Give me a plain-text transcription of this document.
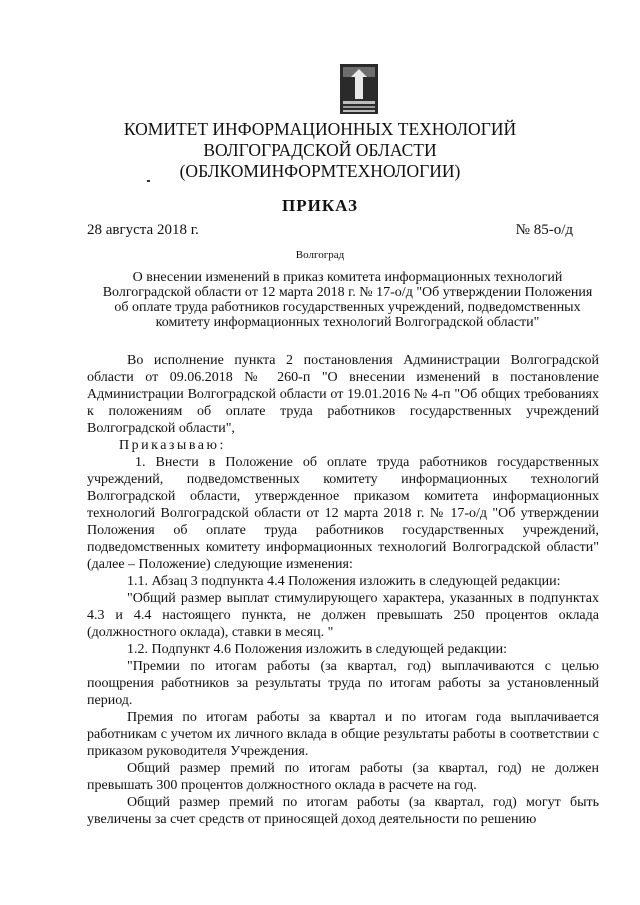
КОМИТЕТ ИНФОРМАЦИОННЫХ ТЕХНОЛОГИЙ
ВОЛГОГРАДСКОЙ ОБЛАСТИ
(ОБЛКОМИНФОРМТЕХНОЛОГИИ)
ПРИКАЗ
28 августа 2018 г.	№ 85-о/д
Волгоград
О внесении изменений в приказ комитета информационных технологий Волгоградской области от 12 марта 2018 г. № 17-о/д "Об утверждении Положения об оплате труда работников государственных учреждений, подведомственных комитету информационных технологий Волгоградской области"

Во исполнение пункта 2 постановления Администрации Волгоградской области от 09.06.2018 № 260-п "О внесении изменений в постановление Администрации Волгоградской области от 19.01.2016 № 4-п "Об общих требованиях к положениям об оплате труда работников государственных учреждений Волгоградской области",

Приказываю:

1. Внести в Положение об оплате труда работников государственных учреждений, подведомственных комитету информационных технологий Волгоградской области, утвержденное приказом комитета информационных технологий Волгоградской области от 12 марта 2018 г. № 17-о/д "Об утверждении Положения об оплате труда работников государственных учреждений, подведомственных комитету информационных технологий Волгоградской области" (далее – Положение) следующие изменения:

1.1. Абзац 3 подпункта 4.4 Положения изложить в следующей редакции:

"Общий размер выплат стимулирующего характера, указанных в подпунктах 4.3 и 4.4 настоящего пункта, не должен превышать 250 процентов оклада (должностного оклада), ставки в месяц. "

1.2. Подпункт 4.6 Положения изложить в следующей редакции:

"Премии по итогам работы (за квартал, год) выплачиваются с целью поощрения работников за результаты труда по итогам работы за установленный период.

Премия по итогам работы за квартал и по итогам года выплачивается работникам с учетом их личного вклада в общие результаты работы в соответствии с приказом руководителя Учреждения.

Общий размер премий по итогам работы (за квартал, год) не должен превышать 300 процентов должностного оклада в расчете на год.

Общий размер премий по итогам работы (за квартал, год) могут быть увеличены за счет средств от приносящей доход деятельности по решению
